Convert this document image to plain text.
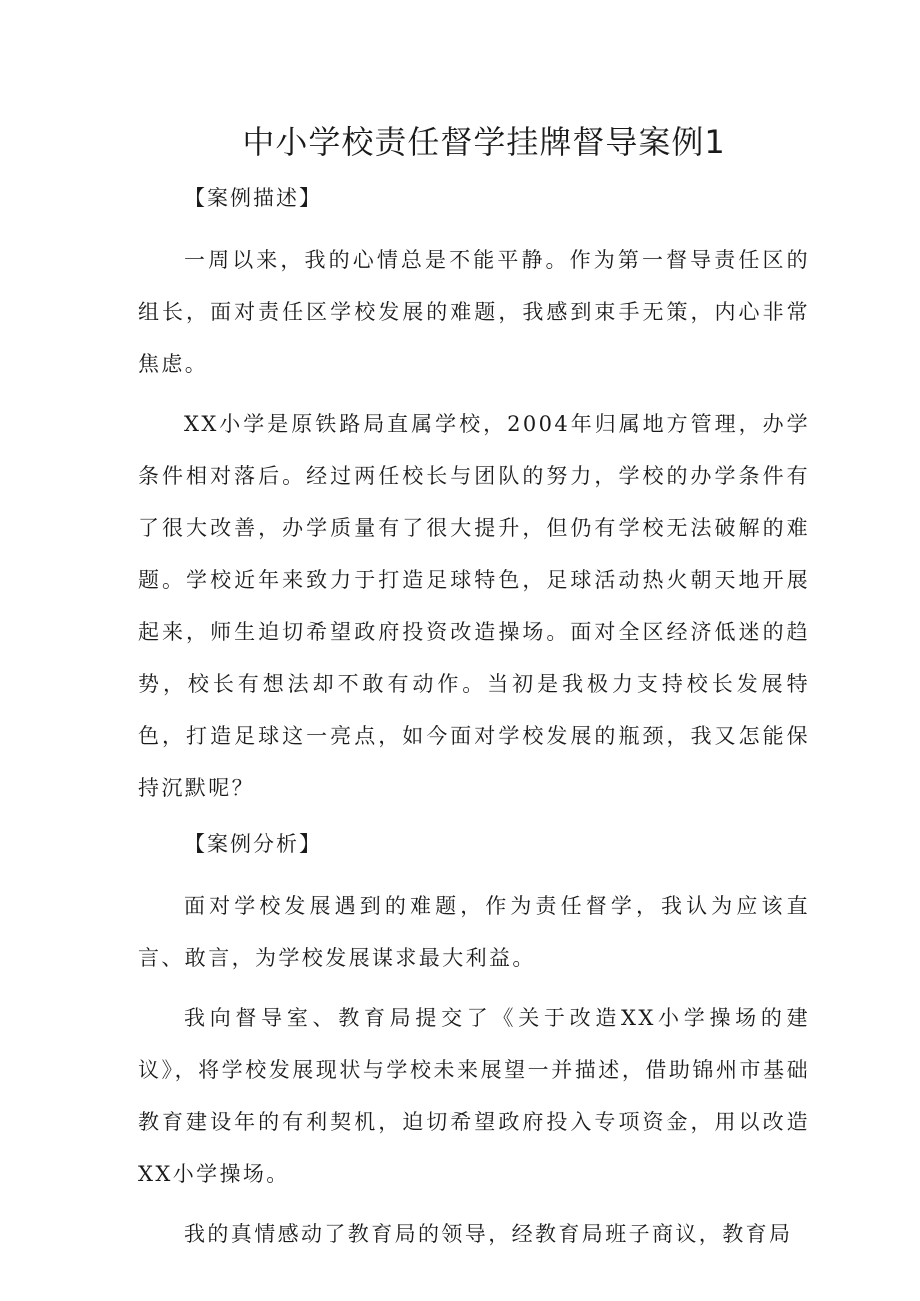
中小学校责任督学挂牌督导案例1
【案例描述】

一周以来，我的心情总是不能平静。作为第一督导责任区的组长，面对责任区学校发展的难题，我感到束手无策，内心非常焦虑。

XX小学是原铁路局直属学校，2004年归属地方管理，办学条件相对落后。经过两任校长与团队的努力，学校的办学条件有了很大改善，办学质量有了很大提升，但仍有学校无法破解的难题。学校近年来致力于打造足球特色，足球活动热火朝天地开展起来，师生迫切希望政府投资改造操场。面对全区经济低迷的趋势，校长有想法却不敢有动作。当初是我极力支持校长发展特色，打造足球这一亮点，如今面对学校发展的瓶颈，我又怎能保持沉默呢？

【案例分析】

面对学校发展遇到的难题，作为责任督学，我认为应该直言、敢言，为学校发展谋求最大利益。

我向督导室、教育局提交了《关于改造XX小学操场的建议》，将学校发展现状与学校未来展望一并描述，借助锦州市基础教育建设年的有利契机，迫切希望政府投入专项资金，用以改造XX小学操场。

我的真情感动了教育局的领导，经教育局班子商议，教育局
